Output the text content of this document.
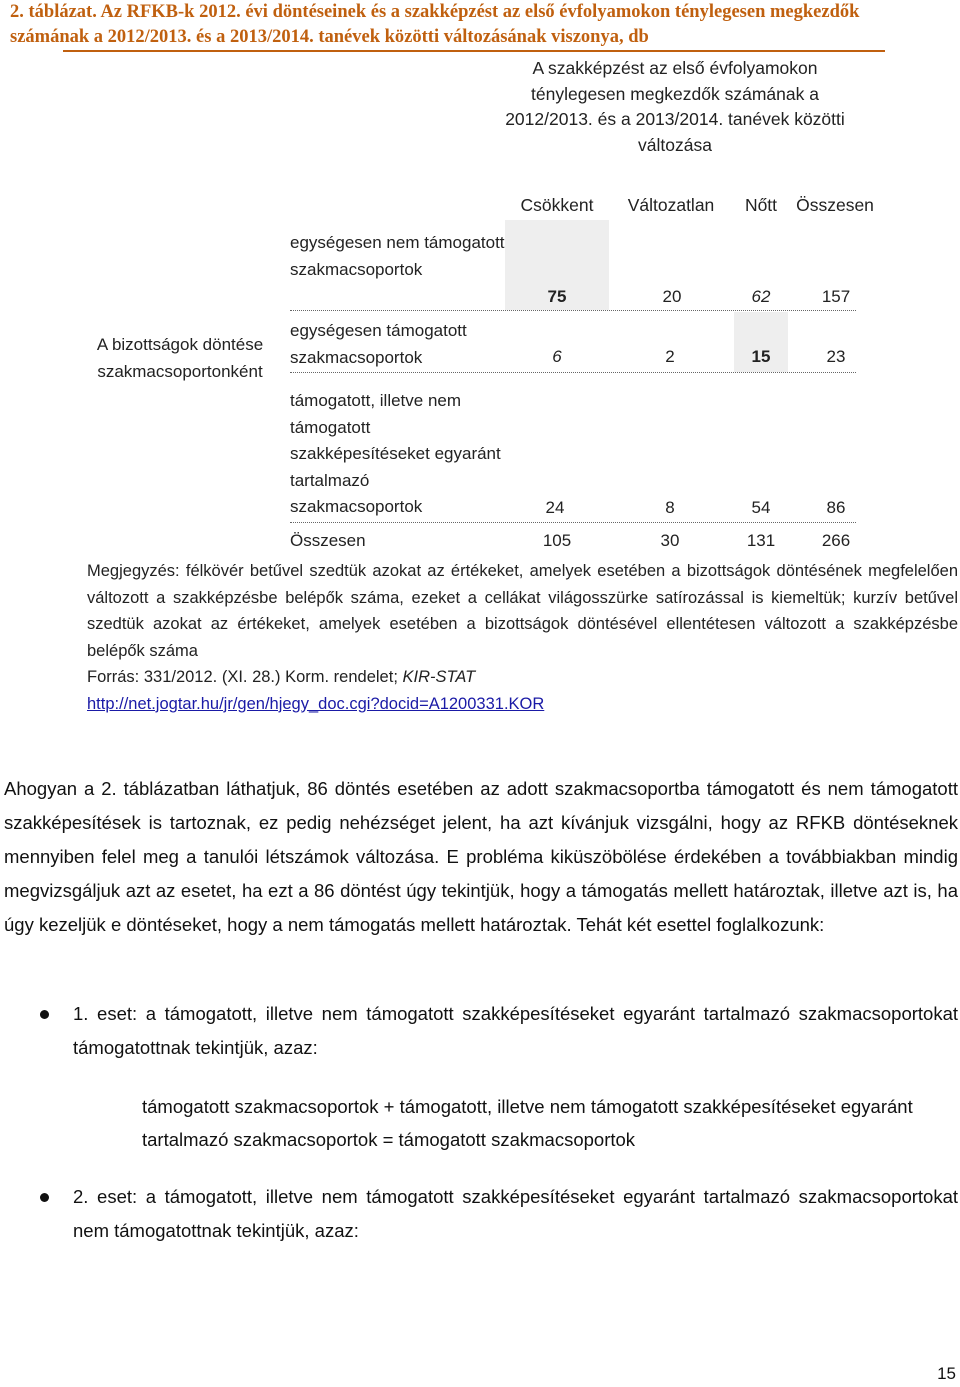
2. táblázat. Az RFKB-k 2012. évi döntéseinek és a szakképzést az első évfolyamokon ténylegesen megkezdők számának a 2012/2013. és a 2013/2014. tanévek közötti változásának viszonya, db
A szakképzést az első évfolyamokon ténylegesen megkezdők számának a 2012/2013. és a 2013/2014. tanévek közötti változása
Csökkent	Változatlan	Nőtt	Összesen
A bizottságok döntése szakmacsoportonként
egységesen nem támogatott szakmacsoportok
75	20	62	157
egységesen támogatott szakmacsoportok	6	2	15	23
támogatott, illetve nem támogatott szakképesítéseket egyaránt tartalmazó szakmacsoportok	24	8	54	86
Összesen	105	30	131	266
Megjegyzés: félkövér betűvel szedtük azokat az értékeket, amelyek esetében a bizottságok döntésének megfelelően változott a szakképzésbe belépők száma, ezeket a cellákat világosszürke satírozással is kiemeltük; kurzív betűvel szedtük azokat az értékeket, amelyek esetében a bizottságok döntésével ellentétesen változott a szakképzésbe belépők száma
Forrás: 331/2012. (XI. 28.) Korm. rendelet; KIR-STAT
http://net.jogtar.hu/jr/gen/hjegy_doc.cgi?docid=A1200331.KOR
Ahogyan a 2. táblázatban láthatjuk, 86 döntés esetében az adott szakmacsoportba támogatott és nem támogatott szakképesítések is tartoznak, ez pedig nehézséget jelent, ha azt kívánjuk vizsgálni, hogy az RFKB döntéseknek mennyiben felel meg a tanulói létszámok változása. E probléma kiküszöbölése érdekében a továbbiakban mindig megvizsgáljuk azt az esetet, ha ezt a 86 döntést úgy tekintjük, hogy a támogatás mellett határoztak, illetve azt is, ha úgy kezeljük e döntéseket, hogy a nem támogatás mellett határoztak. Tehát két esettel foglalkozunk:
1. eset: a támogatott, illetve nem támogatott szakképesítéseket egyaránt tartalmazó szakmacsoportokat támogatottnak tekintjük, azaz:
támogatott szakmacsoportok + támogatott, illetve nem támogatott szakképesítéseket egyaránt tartalmazó szakmacsoportok = támogatott szakmacsoportok
2. eset: a támogatott, illetve nem támogatott szakképesítéseket egyaránt tartalmazó szakmacsoportokat nem támogatottnak tekintjük, azaz:
15
